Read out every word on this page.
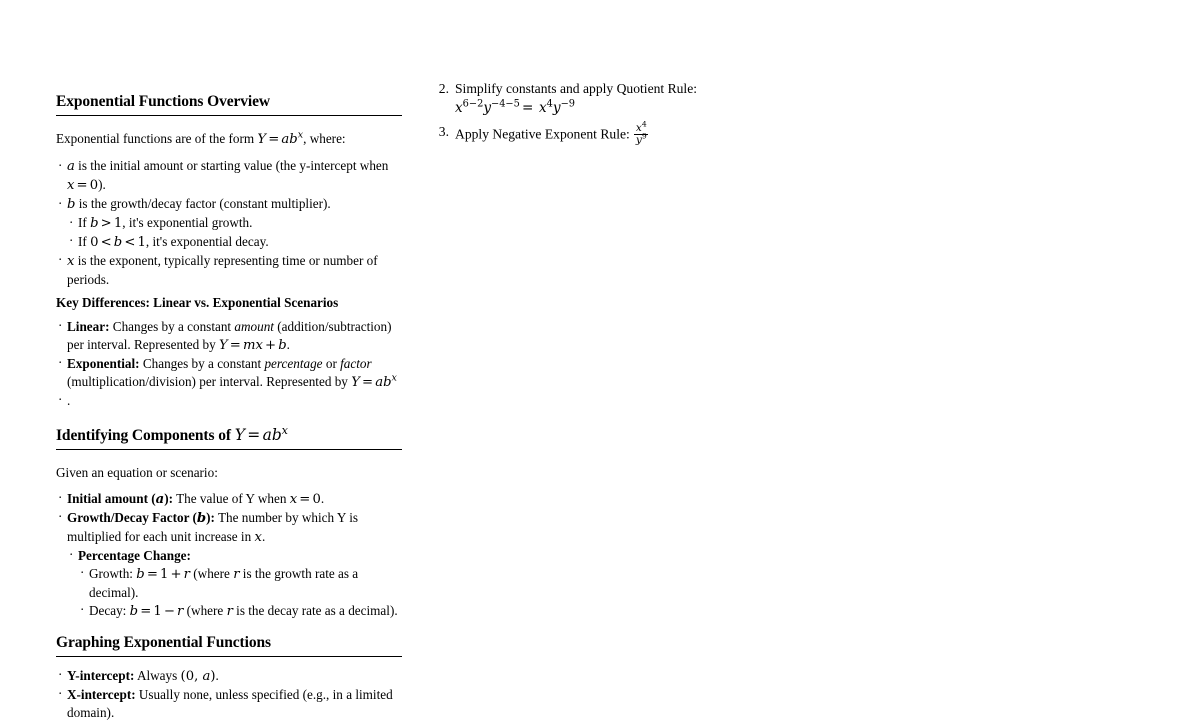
Exponential Functions Overview

Exponential functions are of the form $Y = ab^x$, where:

· a is the initial amount or starting value (the y-intercept when x = 0).
· b is the growth/decay factor (constant multiplier).
· If b > 1, it's exponential growth.
· If 0 < b < 1, it's exponential decay.
· x is the exponent, typically representing time or number of periods.
Key Differences: Linear vs. Exponential Scenarios
· Linear: Changes by a constant amount (addition/subtraction) per interval. Represented by Y = mx + b.
· Exponential: Changes by a constant percentage or factor (multiplication/division) per interval. Represented by $Y = ab^x$
· .
Identifying Components of $Y = ab^x$

Given an equation or scenario:

· Initial amount (a): The value of Y when x = 0.
· Growth/Decay Factor (b): The number by which Y is multiplied for each unit increase in x.
· Percentage Change:
· Growth: b = 1 + r (where r is the growth rate as a decimal).
· Decay: b = 1 − r (where r is the decay rate as a decimal).
Graphing Exponential Functions
· Y-intercept: Always (0, a).
· X-intercept: Usually none, unless specified (e.g., in a limited domain).
2. Simplify constants and apply Quotient Rule: $x^{6-2}y^{-4-5} = x^4y^{-9}$
3. Apply Negative Exponent Rule: $\frac{x^4}{y^9}$
